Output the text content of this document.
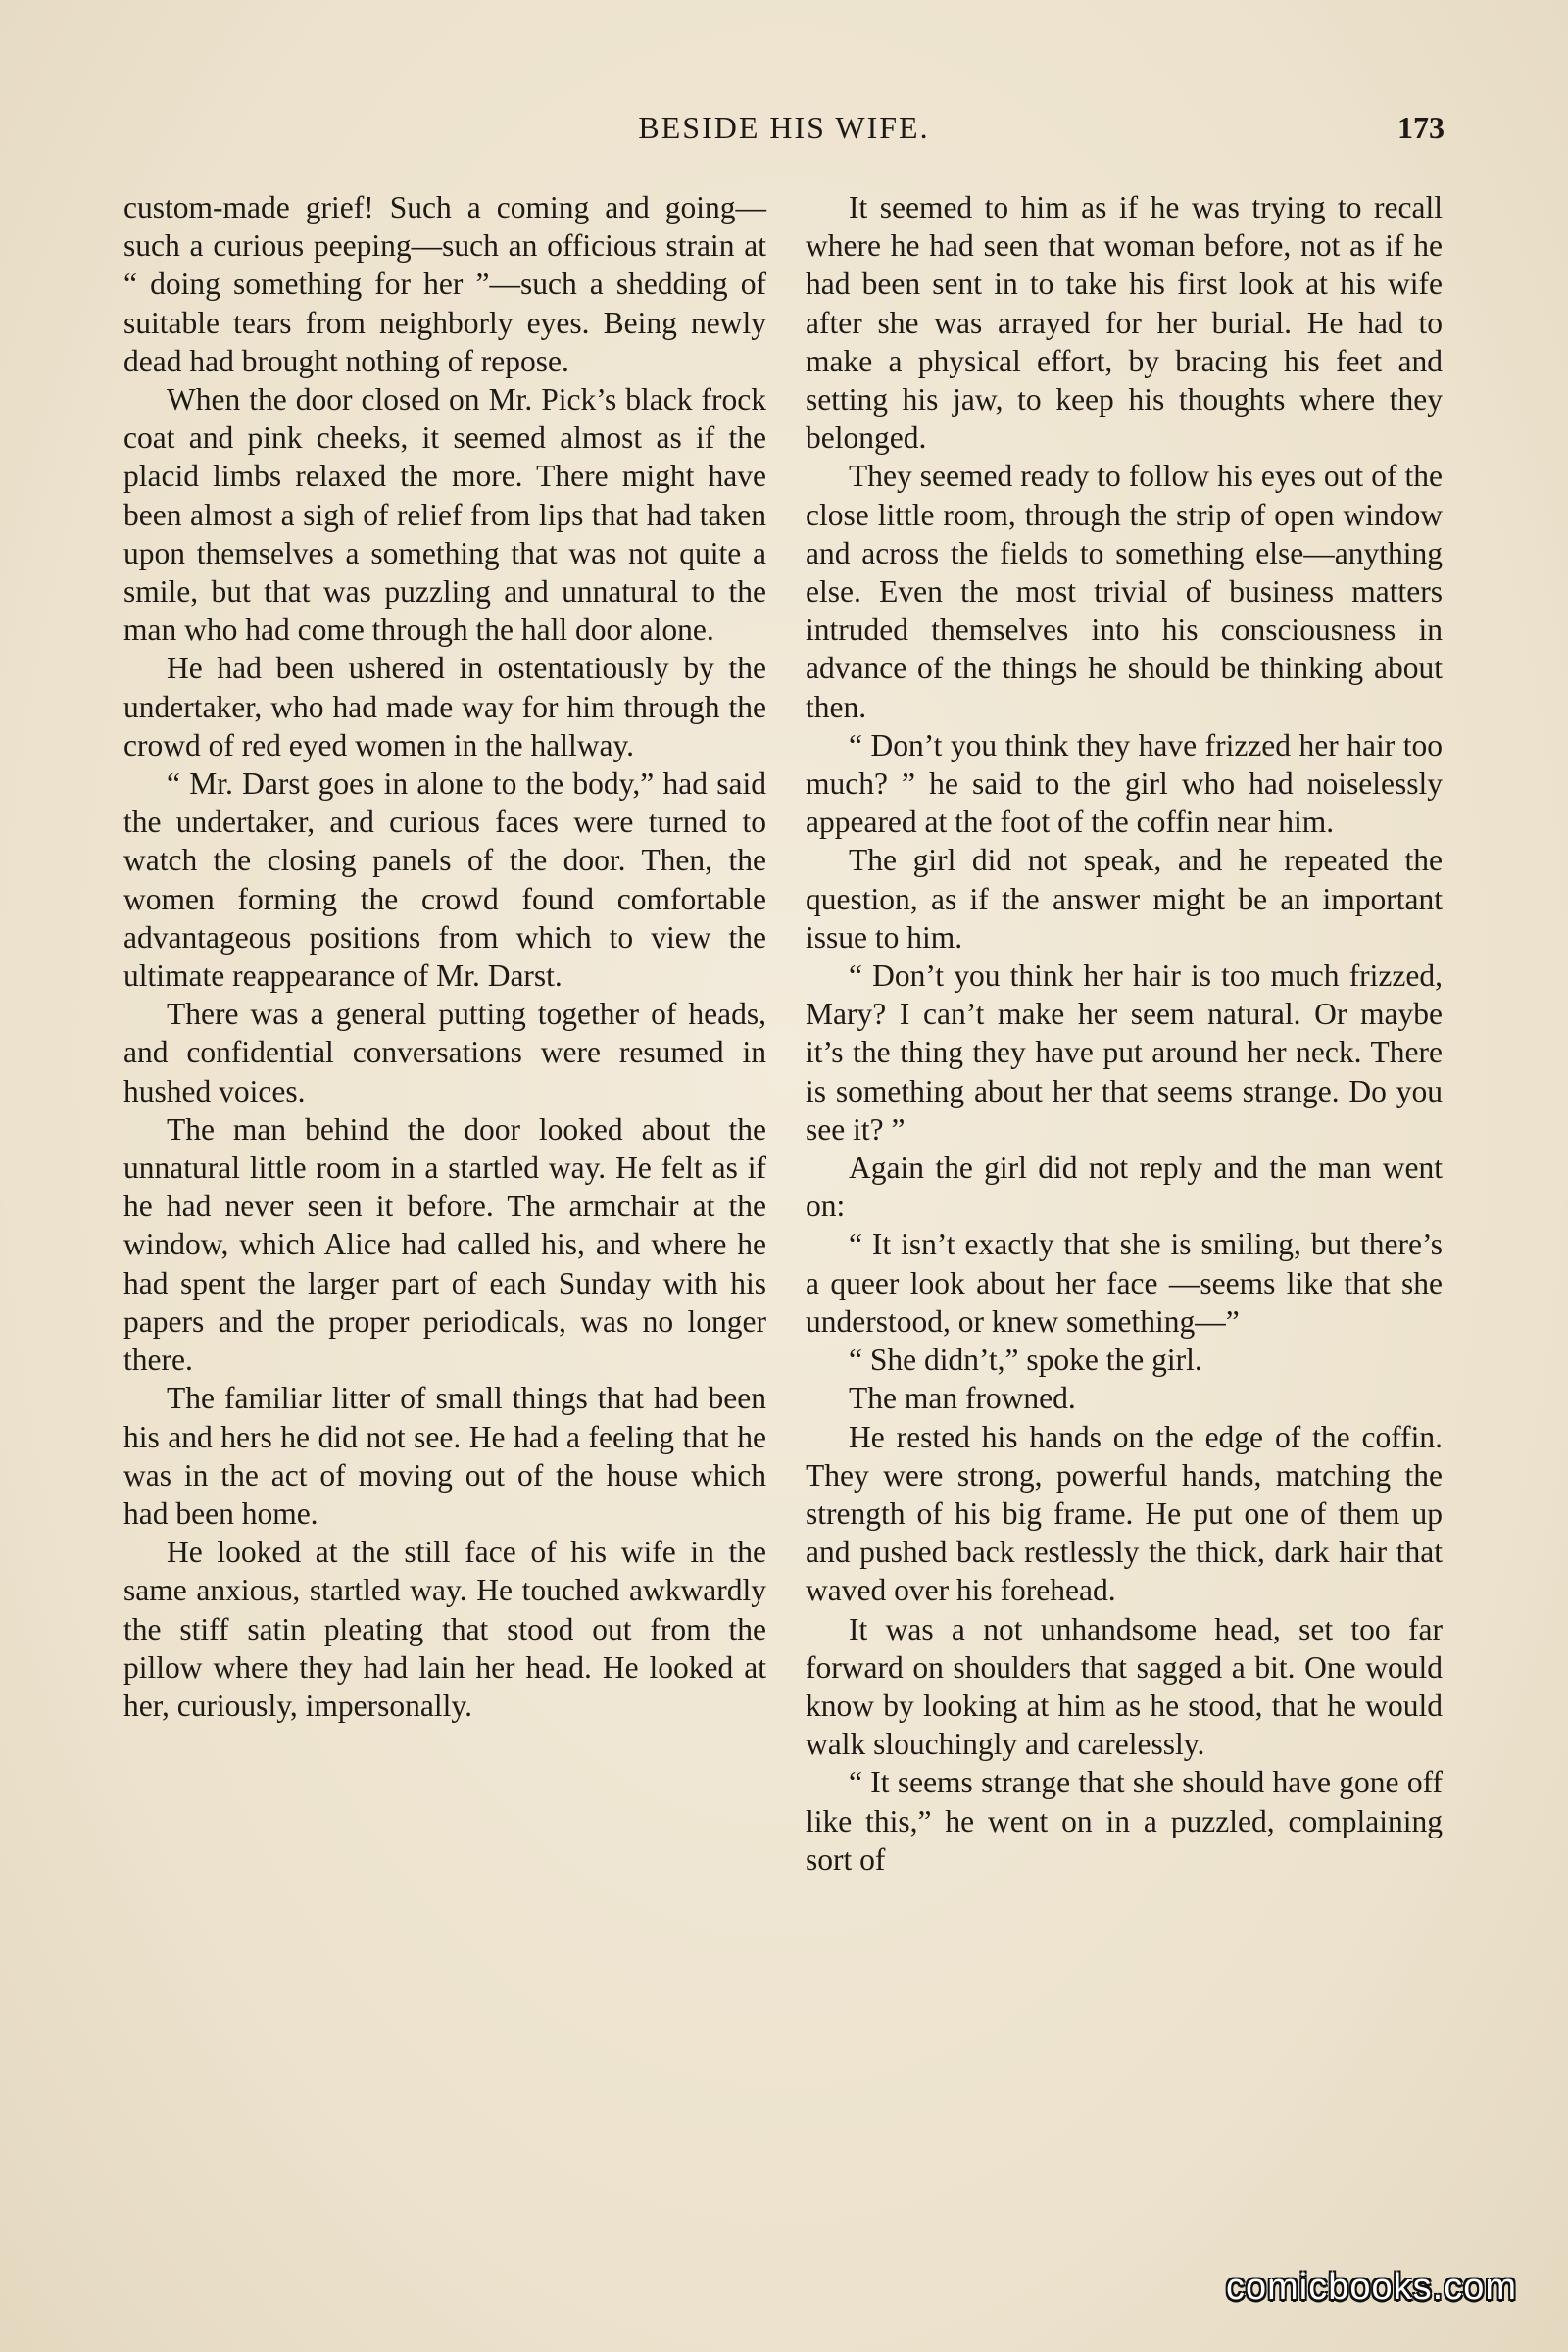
BESIDE HIS WIFE.	173

custom-made grief! Such a coming and going—such a curious peeping—such an officious strain at “ doing something for her ”—such a shedding of suitable tears from neighborly eyes. Being newly dead had brought nothing of repose.

When the door closed on Mr. Pick’s black frock coat and pink cheeks, it seemed almost as if the placid limbs relaxed the more. There might have been almost a sigh of relief from lips that had taken upon themselves a something that was not quite a smile, but that was puzzling and unnatural to the man who had come through the hall door alone.

He had been ushered in ostentatiously by the undertaker, who had made way for him through the crowd of red eyed women in the hallway.

“ Mr. Darst goes in alone to the body,” had said the undertaker, and curious faces were turned to watch the closing panels of the door. Then, the women forming the crowd found comfortable advantageous positions from which to view the ultimate reappearance of Mr. Darst.

There was a general putting together of heads, and confidential conversations were resumed in hushed voices.

The man behind the door looked about the unnatural little room in a startled way. He felt as if he had never seen it before. The armchair at the window, which Alice had called his, and where he had spent the larger part of each Sunday with his papers and the proper periodicals, was no longer there.

The familiar litter of small things that had been his and hers he did not see. He had a feeling that he was in the act of moving out of the house which had been home.

He looked at the still face of his wife in the same anxious, startled way. He touched awkwardly the stiff satin pleating that stood out from the pillow where they had lain her head. He looked at her, curiously, impersonally.

It seemed to him as if he was trying to recall where he had seen that woman before, not as if he had been sent in to take his first look at his wife after she was arrayed for her burial. He had to make a physical effort, by bracing his feet and setting his jaw, to keep his thoughts where they belonged.

They seemed ready to follow his eyes out of the close little room, through the strip of open window and across the fields to something else—anything else. Even the most trivial of business matters intruded themselves into his consciousness in advance of the things he should be thinking about then.

“ Don’t you think they have frizzed her hair too much? ” he said to the girl who had noiselessly appeared at the foot of the coffin near him.

The girl did not speak, and he repeated the question, as if the answer might be an important issue to him.

“ Don’t you think her hair is too much frizzed, Mary? I can’t make her seem natural. Or maybe it’s the thing they have put around her neck. There is something about her that seems strange. Do you see it? ”

Again the girl did not reply and the man went on:

“ It isn’t exactly that she is smiling, but there’s a queer look about her face —seems like that she understood, or knew something—”

“ She didn’t,” spoke the girl.

The man frowned.

He rested his hands on the edge of the coffin. They were strong, powerful hands, matching the strength of his big frame. He put one of them up and pushed back restlessly the thick, dark hair that waved over his forehead.

It was a not unhandsome head, set too far forward on shoulders that sagged a bit. One would know by looking at him as he stood, that he would walk slouchingly and carelessly.

“ It seems strange that she should have gone off like this,” he went on in a puzzled, complaining sort of

comicbooks.com
